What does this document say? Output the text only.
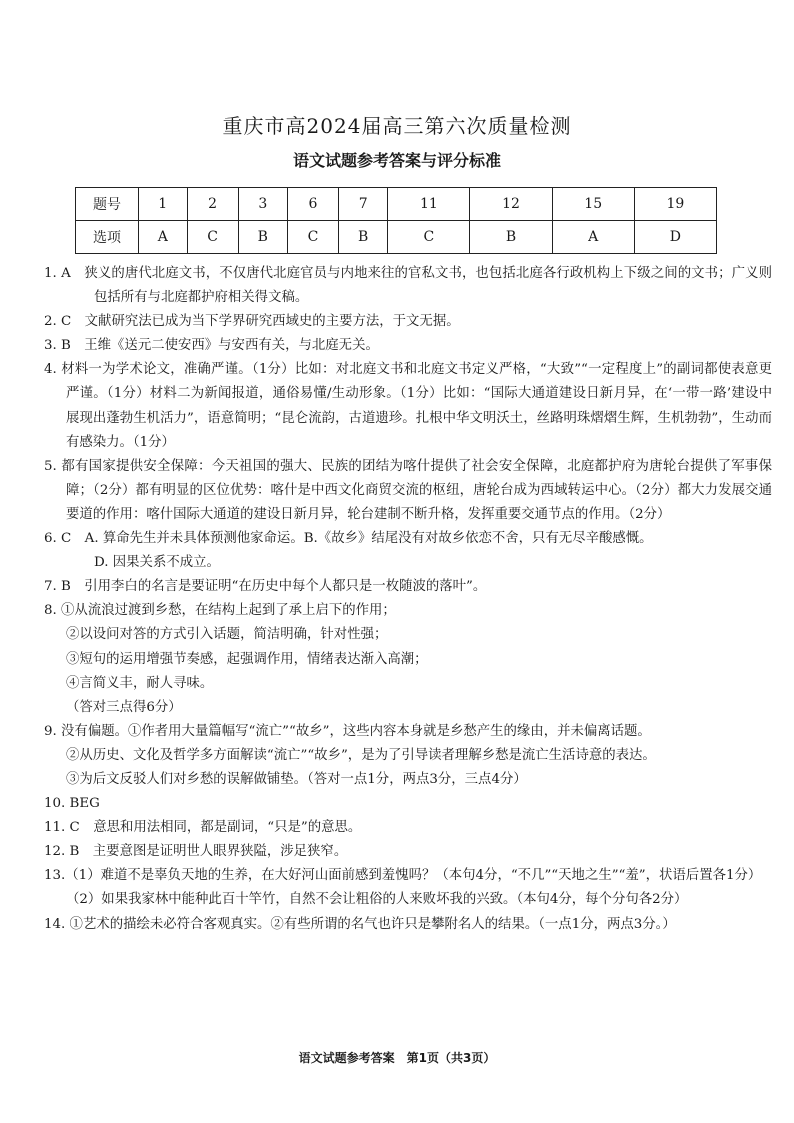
重庆市高2024届高三第六次质量检测
语文试题参考答案与评分标准
题号	1	2	3	6	7	11	12	15	19
选项	A	C	B	C	B	C	B	A	D
1. A　狭义的唐代北庭文书，不仅唐代北庭官员与内地来往的官私文书，也包括北庭各行政机构上下级之间的文书；广义则包括所有与北庭都护府相关得文稿。
2. C　文献研究法已成为当下学界研究西域史的主要方法，于文无据。
3. B　王维《送元二使安西》与安西有关，与北庭无关。
4. 材料一为学术论文，准确严谨。（1分）比如：对北庭文书和北庭文书定义严格，“大致”“一定程度上”的副词都使表意更严谨。（1分）材料二为新闻报道，通俗易懂/生动形象。（1分）比如：“国际大通道建设日新月异，在‘一带一路’建设中展现出蓬勃生机活力”，语意简明；“昆仑流韵，古道遗珍。扎根中华文明沃土，丝路明珠熠熠生辉，生机勃勃”，生动而有感染力。（1分）
5. 都有国家提供安全保障：今天祖国的强大、民族的团结为喀什提供了社会安全保障，北庭都护府为唐轮台提供了军事保障；（2分）都有明显的区位优势：喀什是中西文化商贸交流的枢纽，唐轮台成为西域转运中心。（2分）都大力发展交通要道的作用：喀什国际大通道的建设日新月异，轮台建制不断升格，发挥重要交通节点的作用。（2分）
6. C　A. 算命先生并未具体预测他家命运。B.《故乡》结尾没有对故乡依恋不舍，只有无尽辛酸感慨。
D. 因果关系不成立。
7. B　引用李白的名言是要证明“在历史中每个人都只是一枚随波的落叶”。
8. ①从流浪过渡到乡愁，在结构上起到了承上启下的作用；
②以设问对答的方式引入话题，简洁明确，针对性强；
③短句的运用增强节奏感，起强调作用，情绪表达渐入高潮；
④言简义丰，耐人寻味。
（答对三点得6分）
9. 没有偏题。①作者用大量篇幅写“流亡”“故乡”，这些内容本身就是乡愁产生的缘由，并未偏离话题。
②从历史、文化及哲学多方面解读“流亡”“故乡”，是为了引导读者理解乡愁是流亡生活诗意的表达。
③为后文反驳人们对乡愁的误解做铺垫。（答对一点1分，两点3分，三点4分）
10. BEG
11. C　意思和用法相同，都是副词，“只是”的意思。
12. B　主要意图是证明世人眼界狭隘，涉足狭窄。
13.（1）难道不是辜负天地的生养，在大好河山面前感到羞愧吗？（本句4分，“不几”“天地之生”“羞”，状语后置各1分）
（2）如果我家林中能种此百十竿竹，自然不会让粗俗的人来败坏我的兴致。（本句4分，每个分句各2分）
14. ①艺术的描绘未必符合客观真实。②有些所谓的名气也许只是攀附名人的结果。（一点1分，两点3分。）
语文试题参考答案　第1页（共3页）
